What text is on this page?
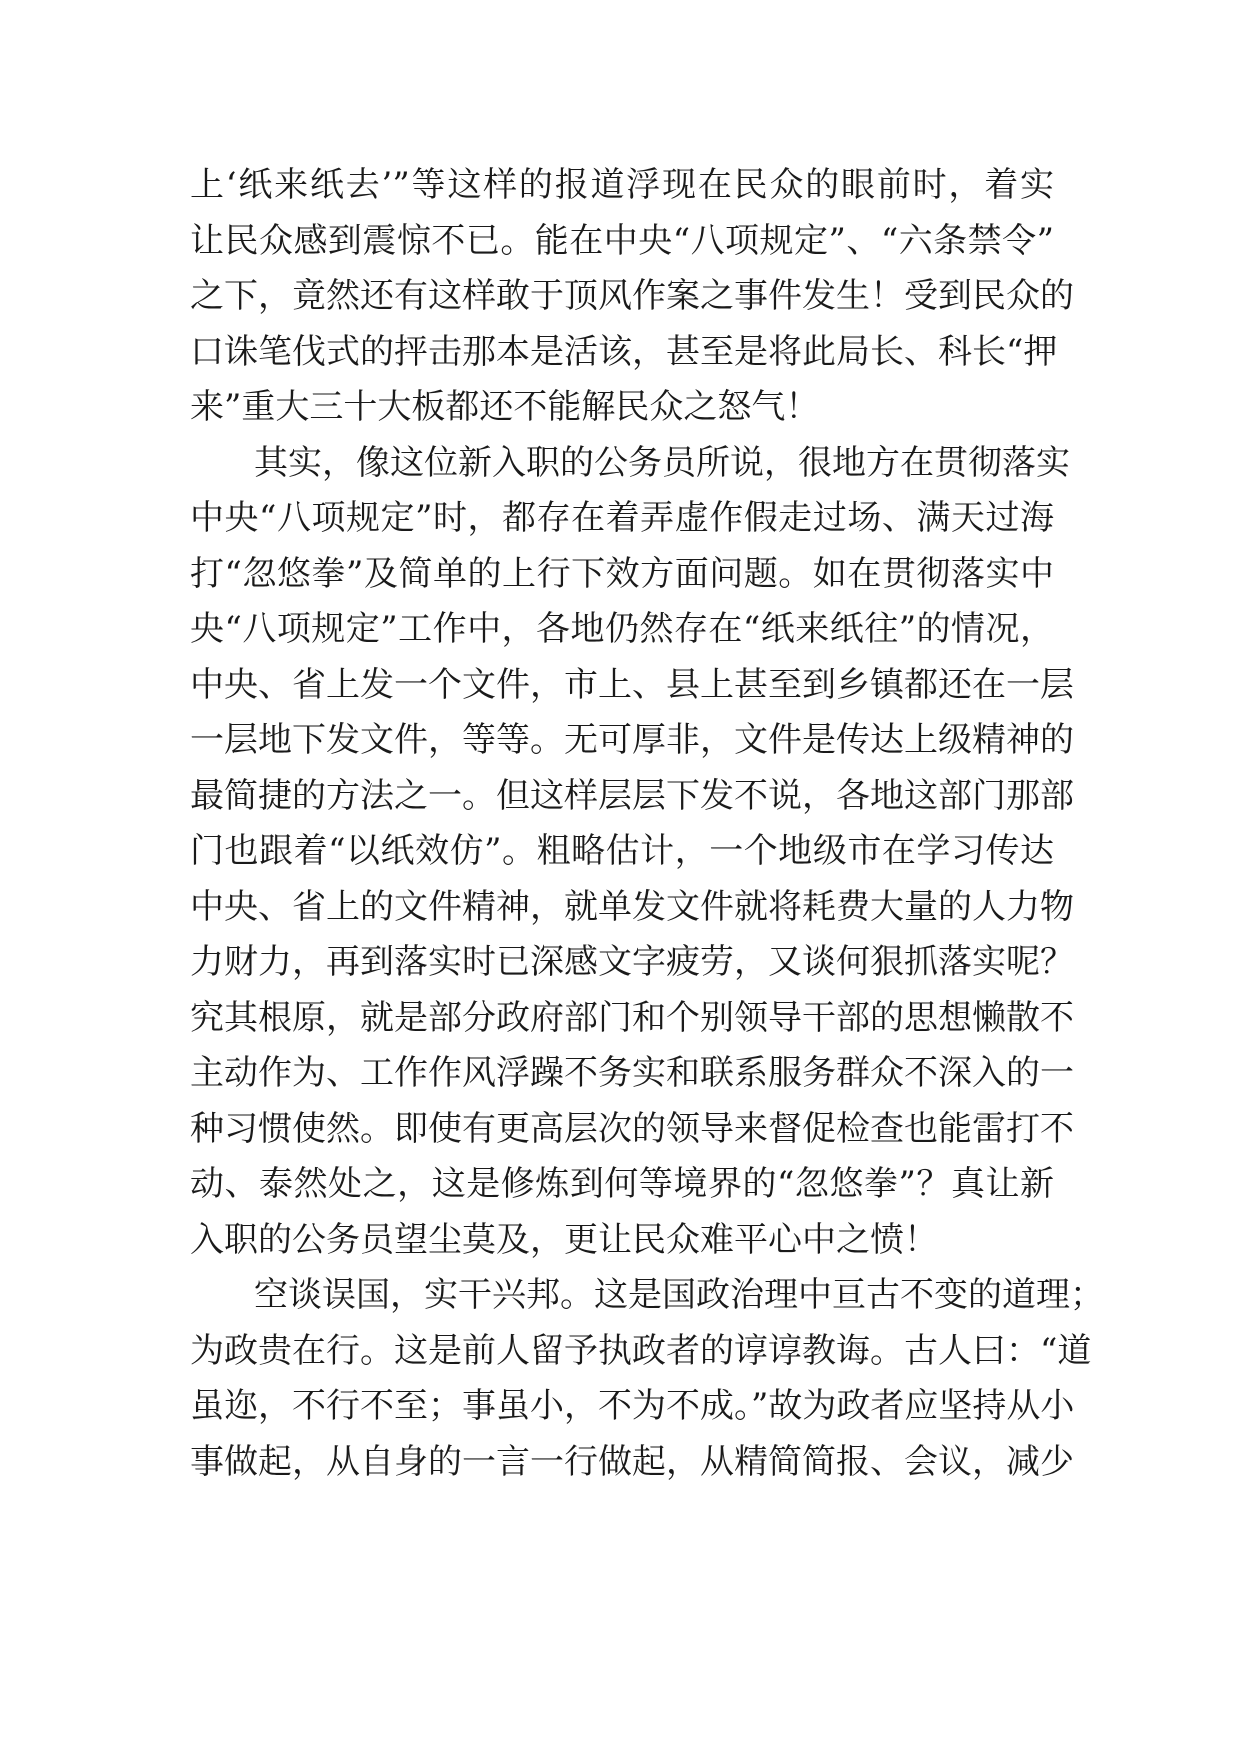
上‘纸来纸去’”等这样的报道浮现在民众的眼前时，着实
让民众感到震惊不已。能在中央“八项规定”、“六条禁令”
之下，竟然还有这样敢于顶风作案之事件发生！受到民众的
口诛笔伐式的抨击那本是活该，甚至是将此局长、科长“押
来”重大三十大板都还不能解民众之怒气！
其实，像这位新入职的公务员所说，很地方在贯彻落实
中央“八项规定”时，都存在着弄虚作假走过场、满天过海
打“忽悠拳”及简单的上行下效方面问题。如在贯彻落实中
央“八项规定”工作中，各地仍然存在“纸来纸往”的情况，
中央、省上发一个文件，市上、县上甚至到乡镇都还在一层
一层地下发文件，等等。无可厚非，文件是传达上级精神的
最简捷的方法之一。但这样层层下发不说，各地这部门那部
门也跟着“以纸效仿”。粗略估计，一个地级市在学习传达
中央、省上的文件精神，就单发文件就将耗费大量的人力物
力财力，再到落实时已深感文字疲劳，又谈何狠抓落实呢？
究其根原，就是部分政府部门和个别领导干部的思想懒散不
主动作为、工作作风浮躁不务实和联系服务群众不深入的一
种习惯使然。即使有更高层次的领导来督促检查也能雷打不
动、泰然处之，这是修炼到何等境界的“忽悠拳”？真让新
入职的公务员望尘莫及，更让民众难平心中之愤！
空谈误国，实干兴邦。这是国政治理中亘古不变的道理；
为政贵在行。这是前人留予执政者的谆谆教诲。古人曰：“道
虽迩，不行不至；事虽小，不为不成。”故为政者应坚持从小
事做起，从自身的一言一行做起，从精简简报、会议，减少
